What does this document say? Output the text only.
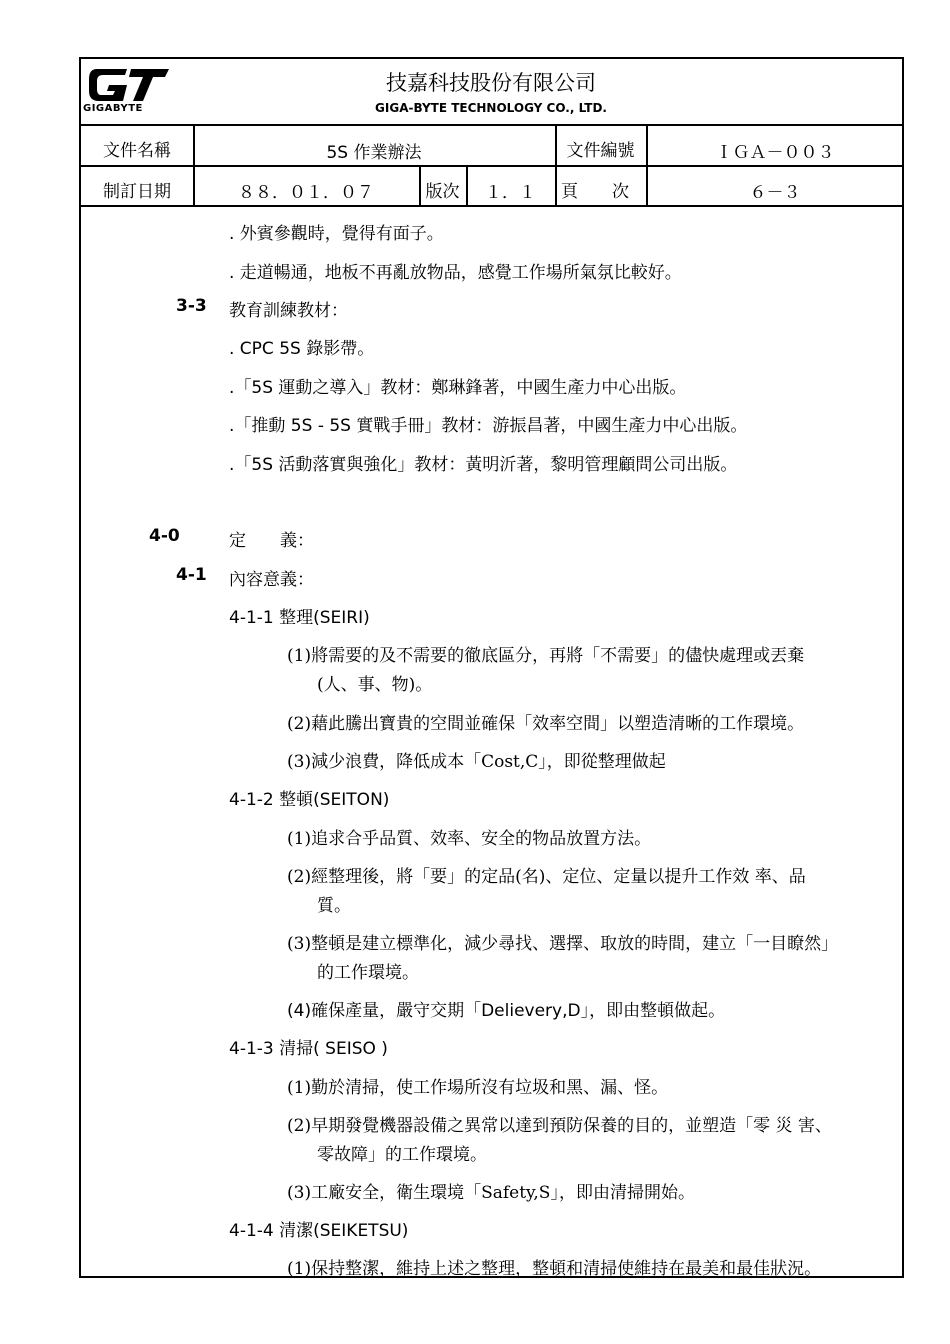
GIGABYTE
技嘉科技股份有限公司
GIGA-BYTE TECHNOLOGY CO., LTD.
文件名稱	5S 作業辦法	文件編號	ＩＧＡ－００３
制訂日期	８８．０１．０７	版次	１．１	頁　　次	６－３
. 外賓參觀時，覺得有面子。
. 走道暢通，地板不再亂放物品，感覺工作場所氣氛比較好。
3-3 教育訓練教材：
. CPC 5S 錄影帶。
.「5S 運動之導入」教材：鄭琳鋒著，中國生產力中心出版。
.「推動 5S - 5S 實戰手冊」教材：游振昌著，中國生產力中心出版。
.「5S 活動落實與強化」教材：黃明沂著，黎明管理顧問公司出版。
4-0	定　　義：
4-1 內容意義：
4-1-1 整理(SEIRI)
(1)將需要的及不需要的徹底區分，再將「不需要」的儘快處理或丟棄
(人、事、物)。
(2)藉此騰出寶貴的空間並確保「效率空間」以塑造清晰的工作環境。
(3)減少浪費，降低成本「Cost,C」，即從整理做起
4-1-2 整頓(SEITON)
(1)追求合乎品質、效率、安全的物品放置方法。
(2)經整理後，將「要」的定品(名)、定位、定量以提升工作效 率、品
質。
(3)整頓是建立標準化，減少尋找、選擇、取放的時間，建立「一目瞭然」
的工作環境。
(4)確保產量，嚴守交期「Delievery,D」，即由整頓做起。
4-1-3 清掃( SEISO )
(1)勤於清掃，使工作場所沒有垃圾和黑、漏、怪。
(2)早期發覺機器設備之異常以達到預防保養的目的，並塑造「零 災 害、
零故障」的工作環境。
(3)工廠安全，衛生環境「Safety,S」，即由清掃開始。
4-1-4 清潔(SEIKETSU)
(1)保持整潔，維持上述之整理，整頓和清掃使維持在最美和最佳狀況。
